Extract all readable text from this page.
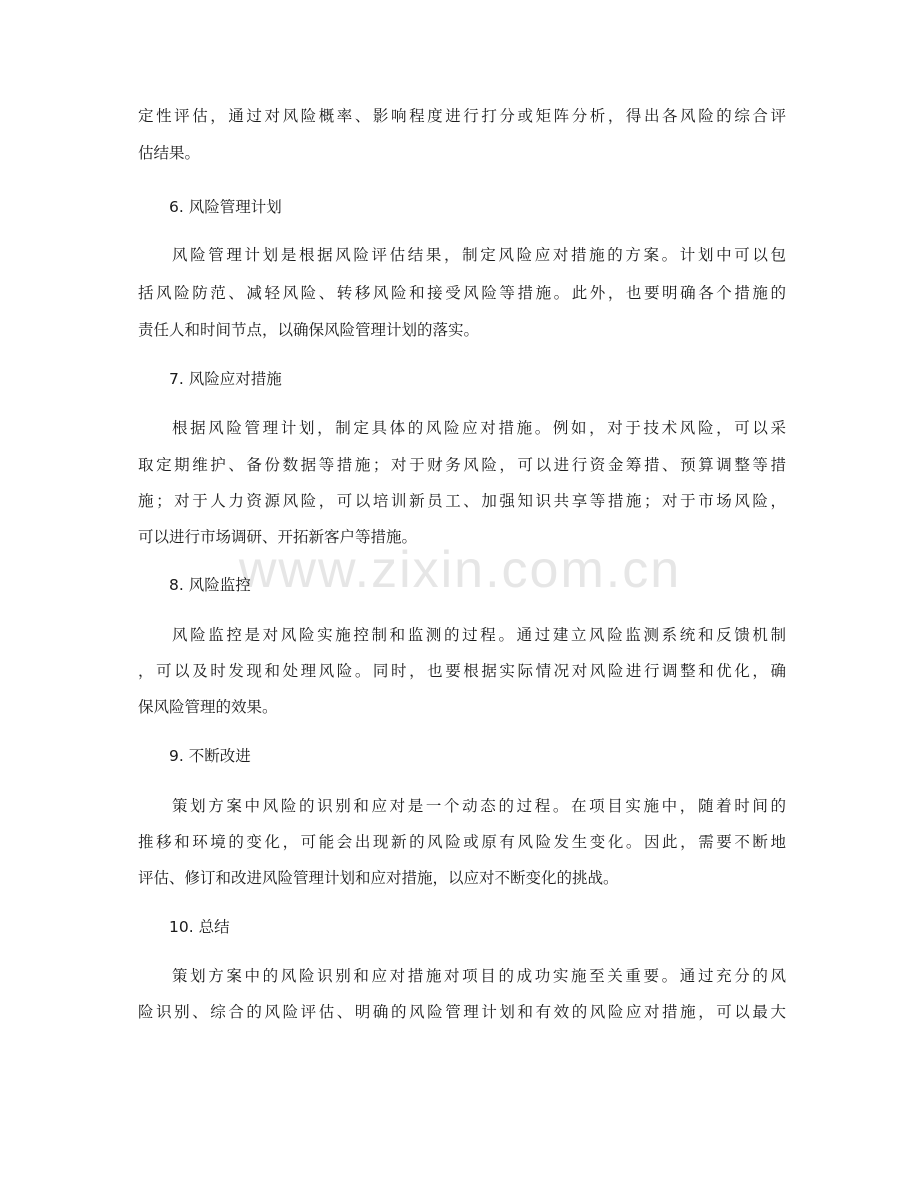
www.zixin.com.cn
定性评估，通过对风险概率、影响程度进行打分或矩阵分析，得出各风险的综合评
估结果。
6. 风险管理计划
风险管理计划是根据风险评估结果，制定风险应对措施的方案。计划中可以包
括风险防范、减轻风险、转移风险和接受风险等措施。此外，也要明确各个措施的
责任人和时间节点，以确保风险管理计划的落实。
7. 风险应对措施
根据风险管理计划，制定具体的风险应对措施。例如，对于技术风险，可以采
取定期维护、备份数据等措施；对于财务风险，可以进行资金筹措、预算调整等措
施；对于人力资源风险，可以培训新员工、加强知识共享等措施；对于市场风险，
可以进行市场调研、开拓新客户等措施。
8. 风险监控
风险监控是对风险实施控制和监测的过程。通过建立风险监测系统和反馈机制
，可以及时发现和处理风险。同时，也要根据实际情况对风险进行调整和优化，确
保风险管理的效果。
9. 不断改进
策划方案中风险的识别和应对是一个动态的过程。在项目实施中，随着时间的
推移和环境的变化，可能会出现新的风险或原有风险发生变化。因此，需要不断地
评估、修订和改进风险管理计划和应对措施，以应对不断变化的挑战。
10. 总结
策划方案中的风险识别和应对措施对项目的成功实施至关重要。通过充分的风
险识别、综合的风险评估、明确的风险管理计划和有效的风险应对措施，可以最大
